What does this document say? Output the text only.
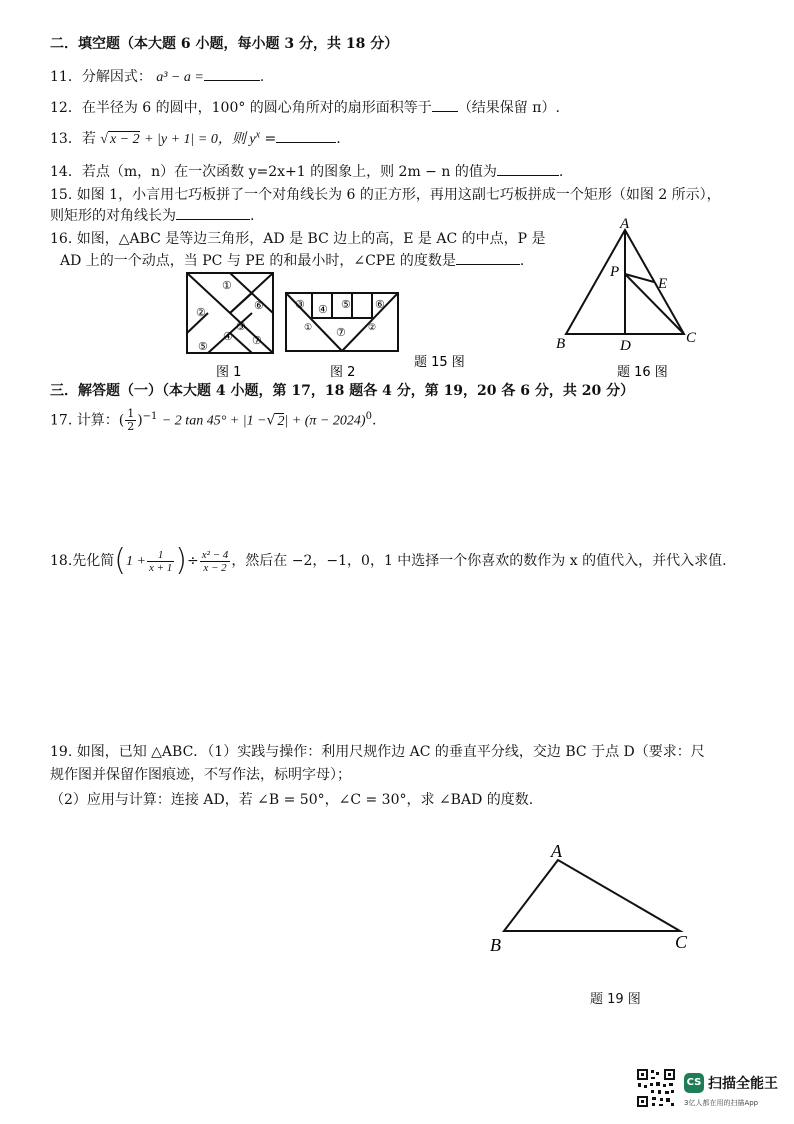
二．填空题（本大题 6 小题，每小题 3 分，共 18 分）
11．分解因式： a³ − a =	.
12．在半径为 6 的圆中，100° 的圆心角所对的扇形面积等于 （结果保留 π）.
13．若 √ x − 2 + |y + 1| = 0，则 $y^x$ =	.
14．若点（m，n）在一次函数 y=2x+1 的图象上，则 2m − n 的值为	.
15. 如图 1，小言用七巧板拼了一个对角线长为 6 的正方形，再用这副七巧板拼成一个矩形（如图 2 所示），
则矩形的对角线长为	.
16. 如图，△ABC 是等边三角形，AD 是 BC 边上的高，E 是 AC 的中点，P 是
AD 上的一个动点，当 PC 与 PE 的和最小时，∠CPE 的度数是	.
①
②
⑤
④
⑥
③
⑦
③ ④ ⑤ ⑥
⑦
①	②
图 1	图 2
题 15 图
A
P
E
B	D	C
题 16 图
三．解答题（一）（本大题 4 小题，第 17，18 题各 4 分，第 19，20 各 6 分，共 20 分）
17. 计算：( $\frac{1}{2} )^{-1} - 2$ tan 45° + |1 −√ $2| + (\pi - 2024)^0$.
18.先化简($1 + \frac{1}{x + 1}$ )÷ $\frac{\text{x² − 4}}{x - 2}$ ，然后在 −2，−1，0，1 中选择一个你喜欢的数作为 x 的值代入，并代入求值.
19. 如图，已知 △ABC．（1）实践与操作：利用尺规作边 AC 的垂直平分线，交边 BC 于点 D（要求：尺
规作图并保留作图痕迹，不写作法，标明字母）；
（2）应用与计算：连接 AD，若 ∠B = 50°，∠C = 30°，求 ∠BAD 的度数.
A
B	C
题 19 图
CS 扫描全能王
3亿人都在用的扫描App
